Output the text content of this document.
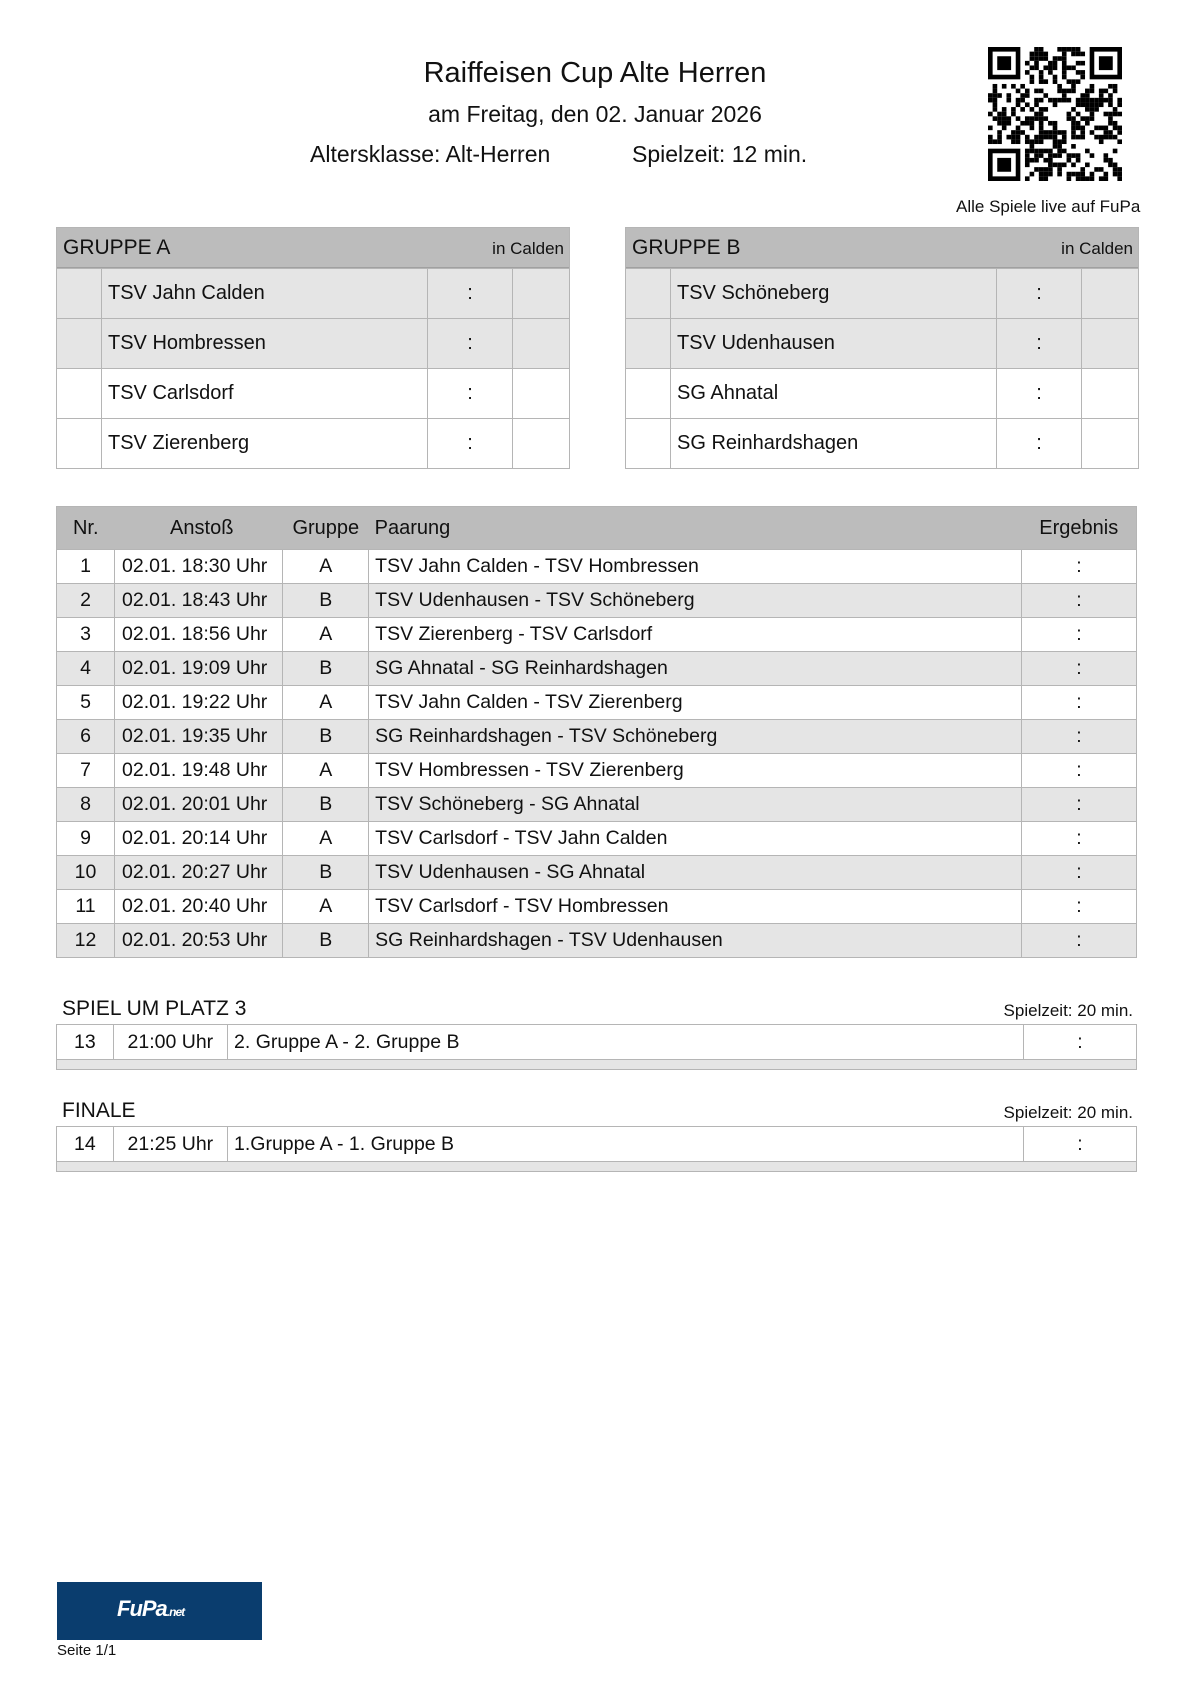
Raiffeisen Cup Alte Herren
am Freitag, den 02. Januar 2026
Altersklasse: Alt-Herren	Spielzeit: 12 min.
Alle Spiele live auf FuPa
GRUPPE A	in Calden
TSV Jahn Calden	:
TSV Hombressen	:
TSV Carlsdorf	:
TSV Zierenberg	:
GRUPPE B	in Calden
TSV Schöneberg	:
TSV Udenhausen	:
SG Ahnatal	:
SG Reinhardshagen	:
Nr.	Anstoß	Gruppe	Paarung	Ergebnis
1	02.01. 18:30 Uhr	A	TSV Jahn Calden - TSV Hombressen	:
2	02.01. 18:43 Uhr	B	TSV Udenhausen - TSV Schöneberg	:
3	02.01. 18:56 Uhr	A	TSV Zierenberg - TSV Carlsdorf	:
4	02.01. 19:09 Uhr	B	SG Ahnatal - SG Reinhardshagen	:
5	02.01. 19:22 Uhr	A	TSV Jahn Calden - TSV Zierenberg	:
6	02.01. 19:35 Uhr	B	SG Reinhardshagen - TSV Schöneberg	:
7	02.01. 19:48 Uhr	A	TSV Hombressen - TSV Zierenberg	:
8	02.01. 20:01 Uhr	B	TSV Schöneberg - SG Ahnatal	:
9	02.01. 20:14 Uhr	A	TSV Carlsdorf - TSV Jahn Calden	:
10	02.01. 20:27 Uhr	B	TSV Udenhausen - SG Ahnatal	:
11	02.01. 20:40 Uhr	A	TSV Carlsdorf - TSV Hombressen	:
12	02.01. 20:53 Uhr	B	SG Reinhardshagen - TSV Udenhausen	:
SPIEL UM PLATZ 3	Spielzeit: 20 min.
13	21:00 Uhr	2. Gruppe A - 2. Gruppe B	:

FINALE	Spielzeit: 20 min.
14	21:25 Uhr	1.Gruppe A - 1. Gruppe B	:

FuPa.net
Seite 1/1
